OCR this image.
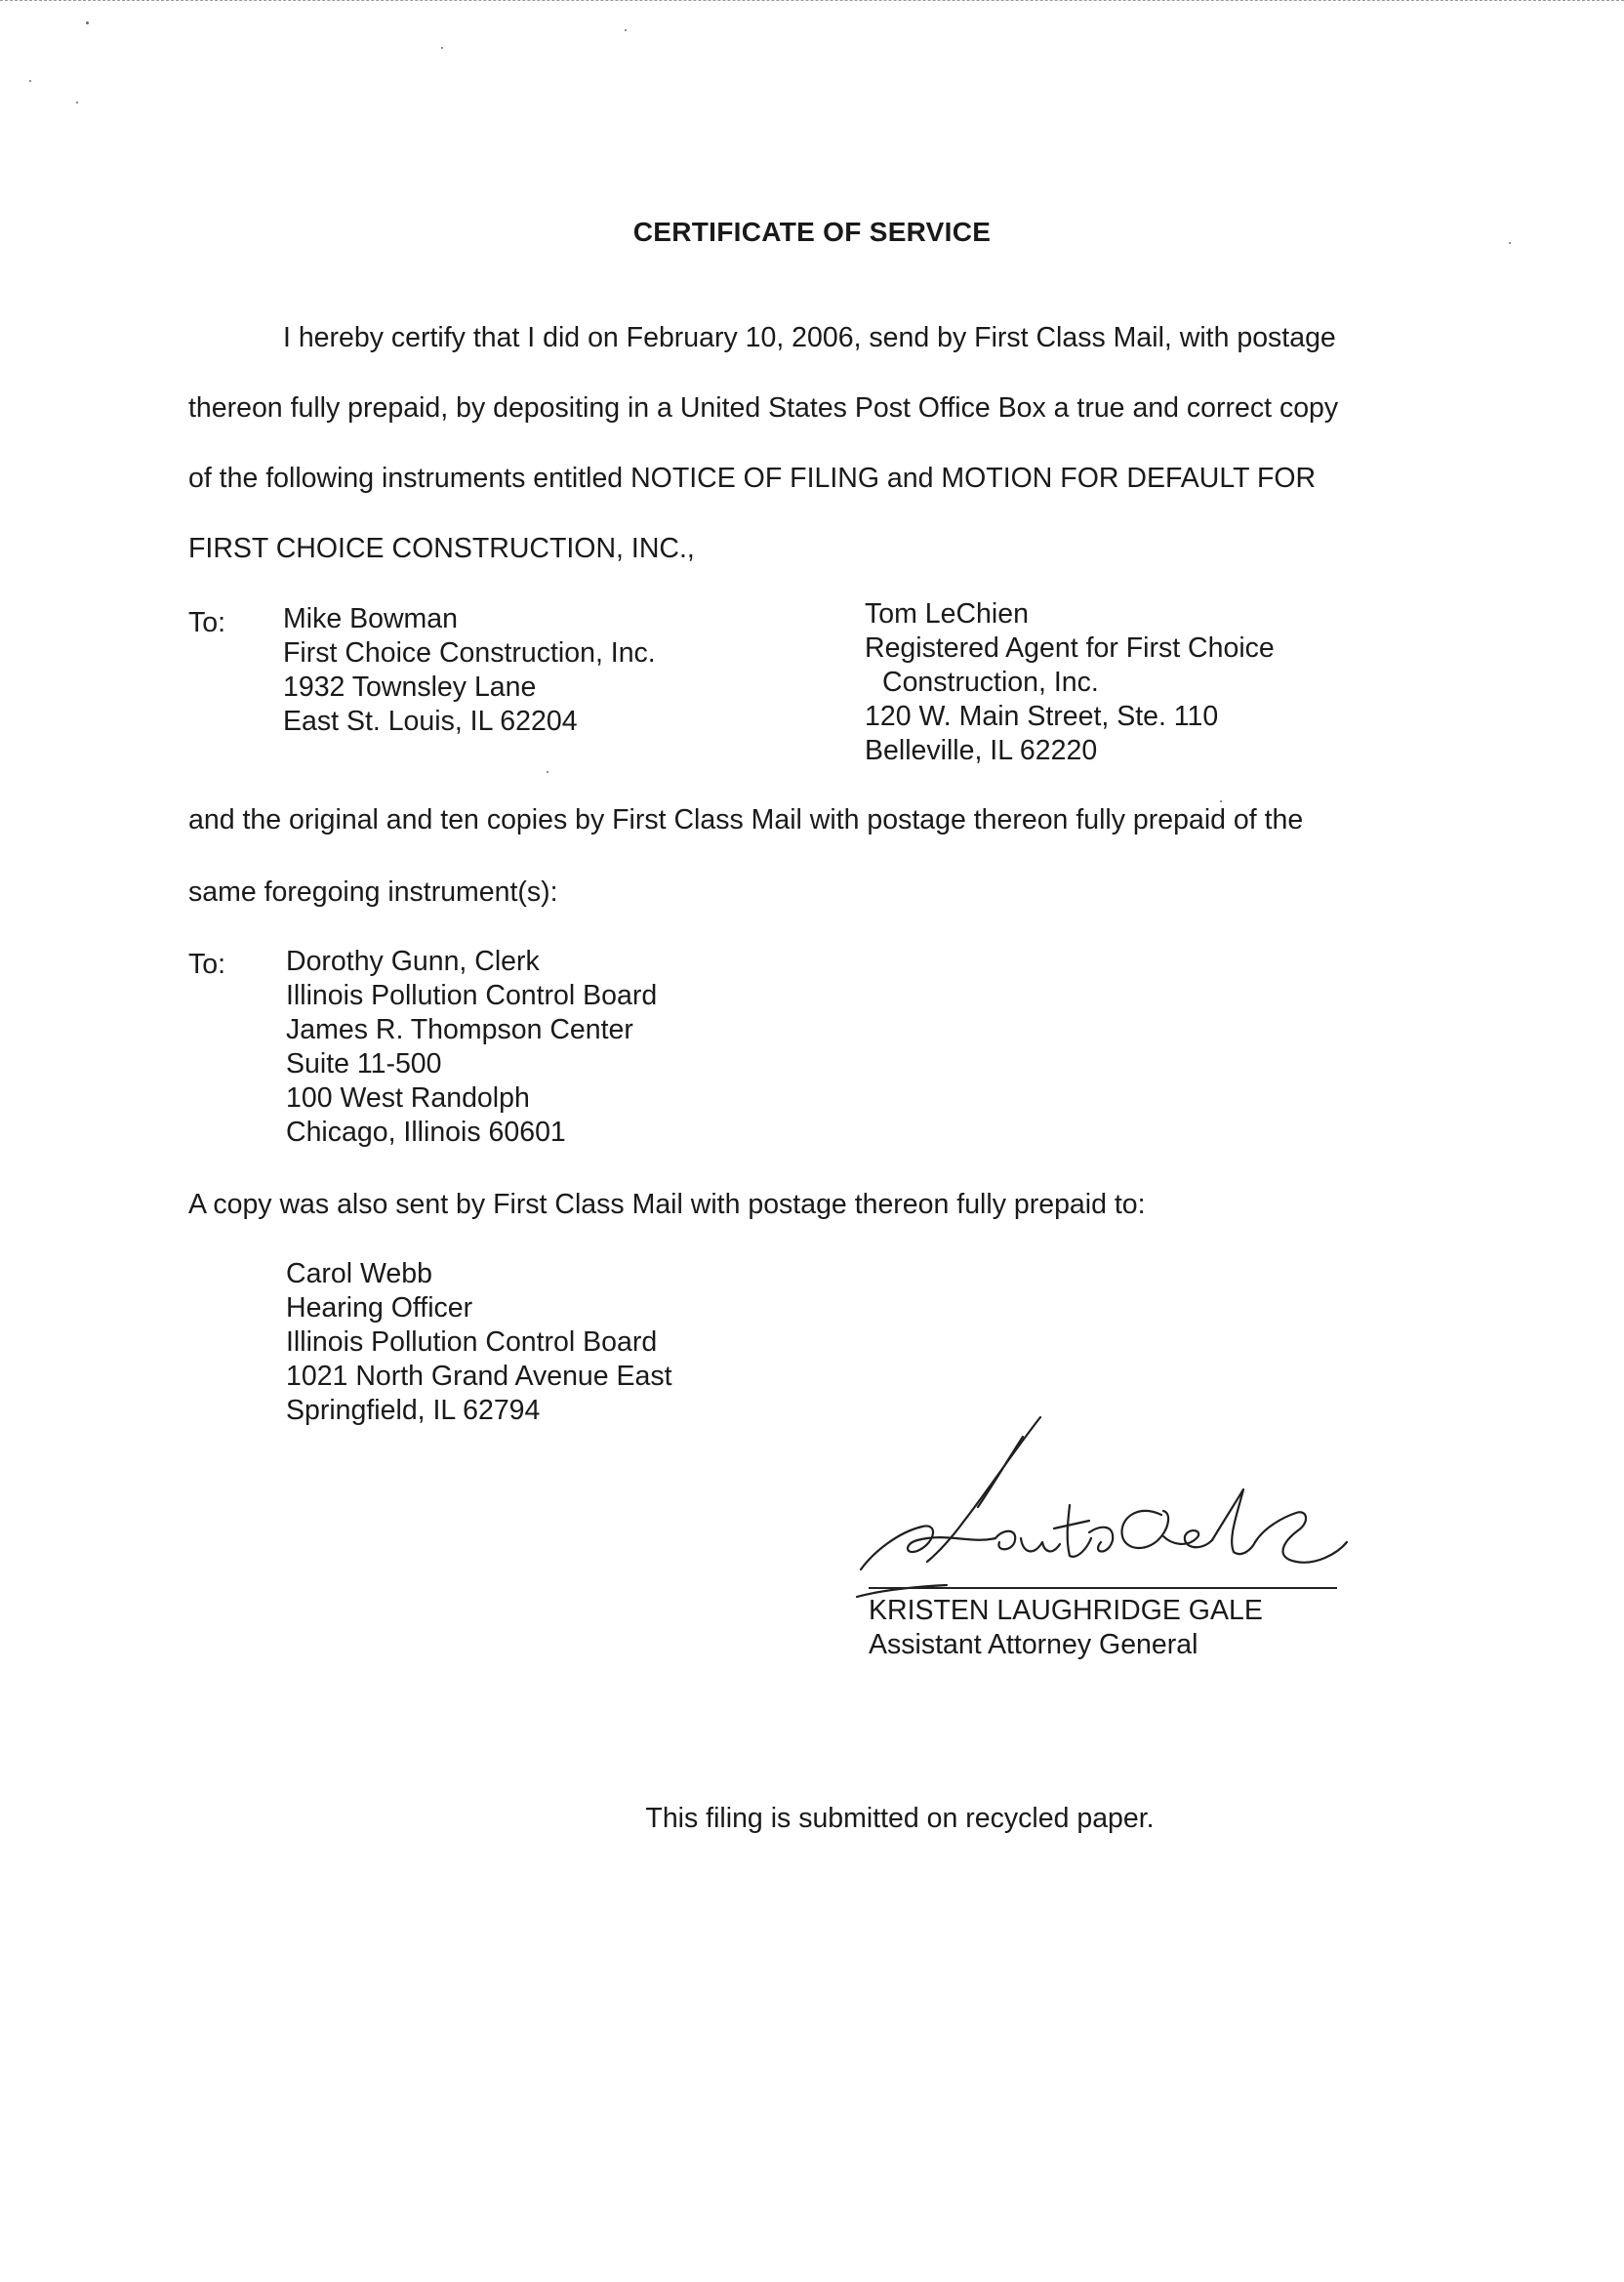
CERTIFICATE OF SERVICE
I hereby certify that I did on February 10, 2006, send by First Class Mail, with postage
thereon fully prepaid, by depositing in a United States Post Office Box a true and correct copy
of the following instruments entitled NOTICE OF FILING and MOTION FOR DEFAULT FOR
FIRST CHOICE CONSTRUCTION, INC.,
To: Mike Bowman
First Choice Construction, Inc.
1932 Townsley Lane
East St. Louis, IL 62204
Tom LeChien
Registered Agent for First Choice
Construction, Inc.
120 W. Main Street, Ste. 110
Belleville, IL 62220
and the original and ten copies by First Class Mail with postage thereon fully prepaid of the
same foregoing instrument(s):
To: Dorothy Gunn, Clerk
Illinois Pollution Control Board
James R. Thompson Center
Suite 11-500
100 West Randolph
Chicago, Illinois 60601
A copy was also sent by First Class Mail with postage thereon fully prepaid to:
Carol Webb
Hearing Officer
Illinois Pollution Control Board
1021 North Grand Avenue East
Springfield, IL 62794
KRISTEN LAUGHRIDGE GALE
Assistant Attorney General
This filing is submitted on recycled paper.
